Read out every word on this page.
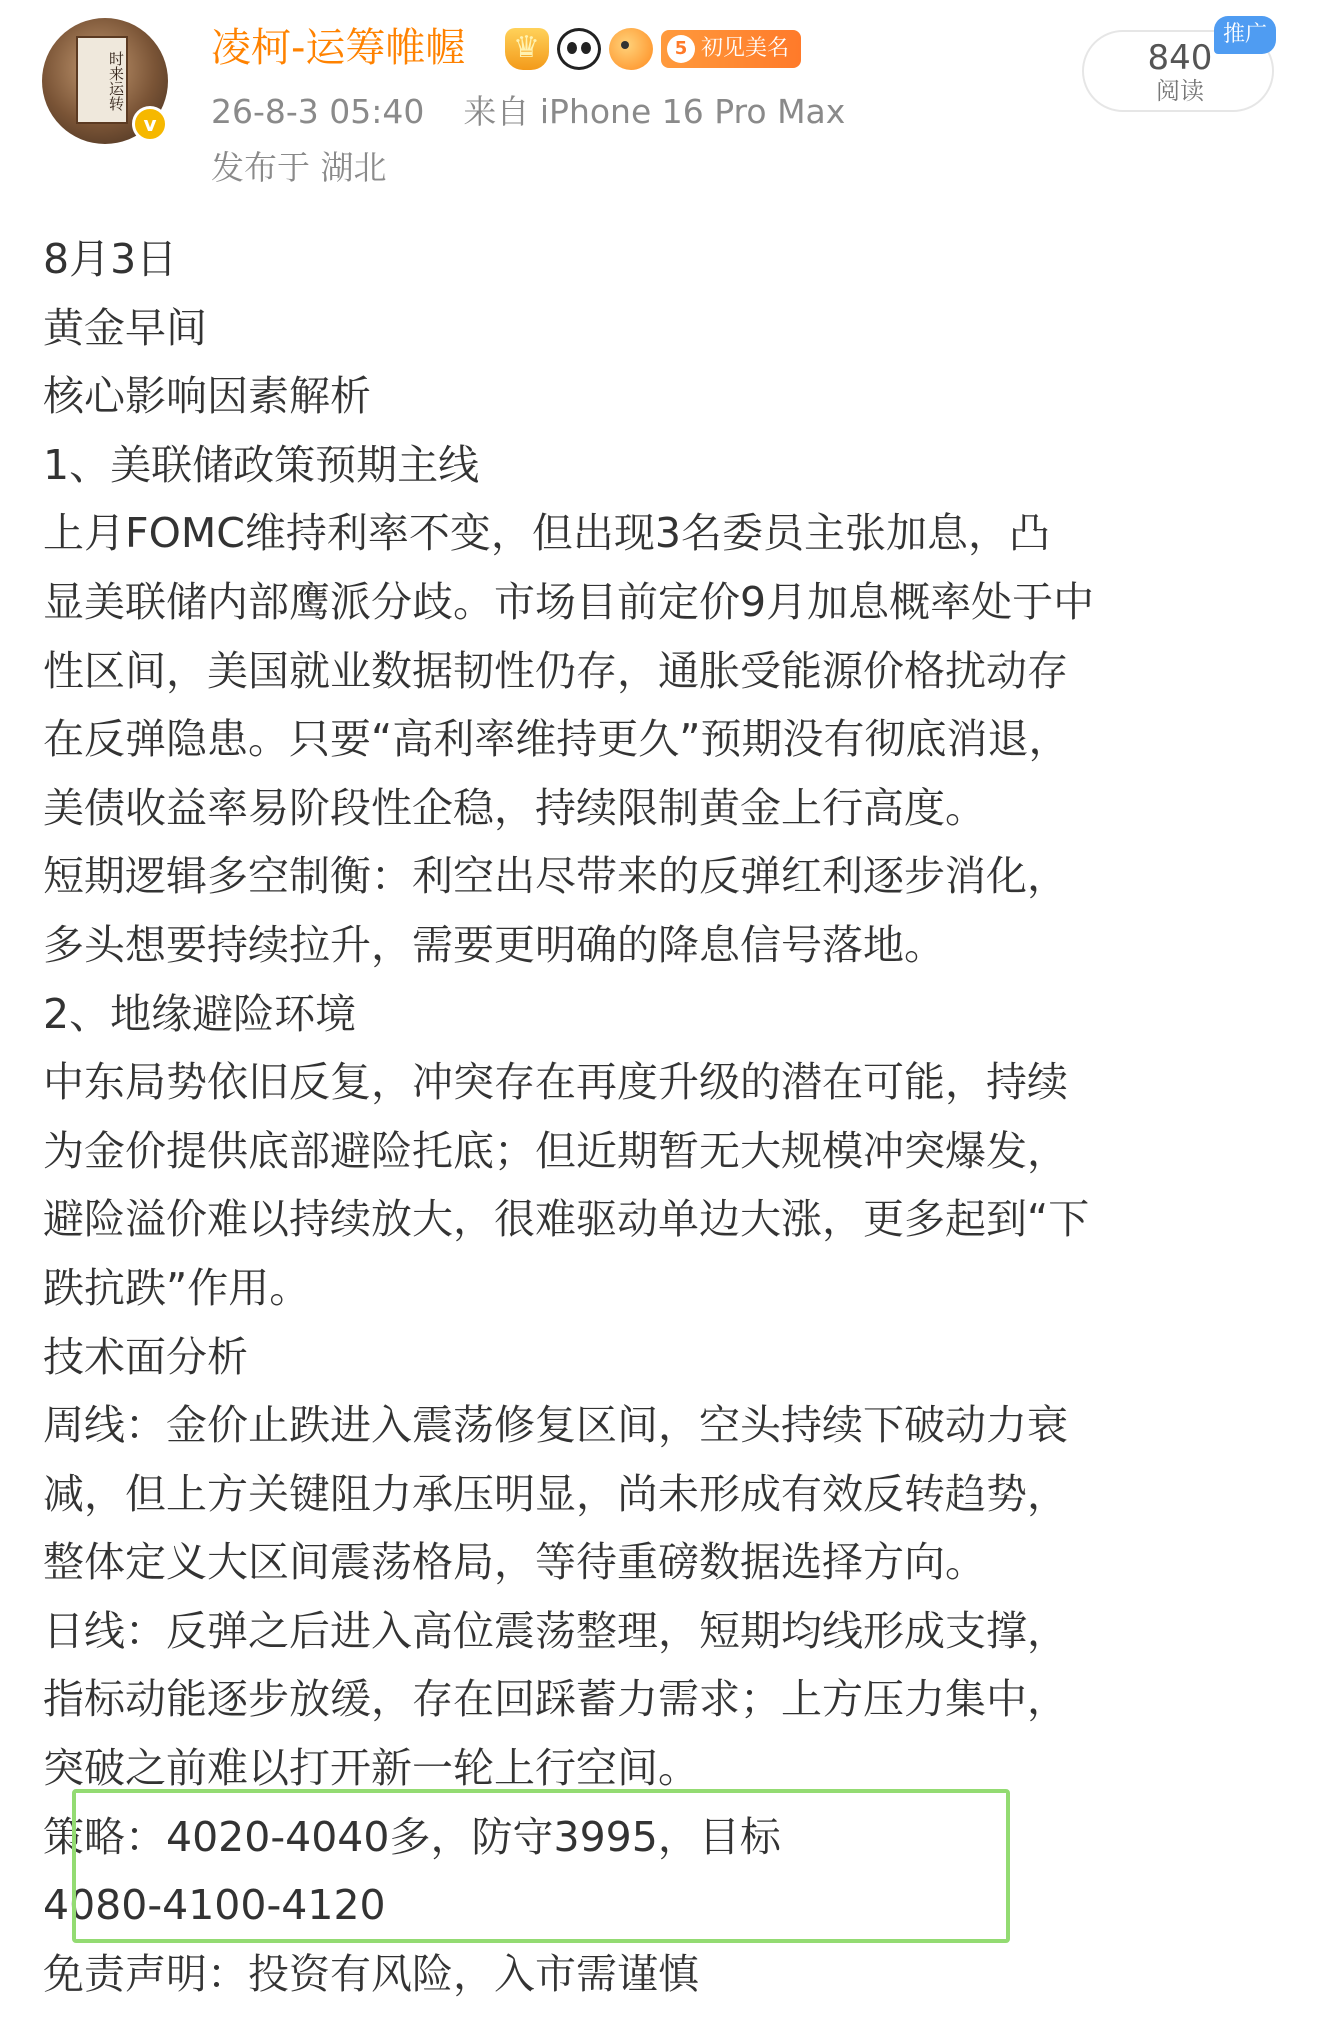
时来运转
v
凌柯-运筹帷幄
♛	5 初见美名
26-8-3 05:40 来自 iPhone 16 Pro Max
发布于 湖北
840
阅读
推广

8月3日

黄金早间

核心影响因素解析

1、美联储政策预期主线

上月FOMC维持利率不变，但出现3名委员主张加息，凸

显美联储内部鹰派分歧。市场目前定价9月加息概率处于中

性区间，美国就业数据韧性仍存，通胀受能源价格扰动存

在反弹隐患。只要“高利率维持更久”预期没有彻底消退，

美债收益率易阶段性企稳，持续限制黄金上行高度。

短期逻辑多空制衡：利空出尽带来的反弹红利逐步消化，

多头想要持续拉升，需要更明确的降息信号落地。

2、地缘避险环境

中东局势依旧反复，冲突存在再度升级的潜在可能，持续

为金价提供底部避险托底；但近期暂无大规模冲突爆发，

避险溢价难以持续放大，很难驱动单边大涨，更多起到“下

跌抗跌”作用。

技术面分析

周线：金价止跌进入震荡修复区间，空头持续下破动力衰

减，但上方关键阻力承压明显，尚未形成有效反转趋势，

整体定义大区间震荡格局，等待重磅数据选择方向。

日线：反弹之后进入高位震荡整理，短期均线形成支撑，

指标动能逐步放缓，存在回踩蓄力需求；上方压力集中，

突破之前难以打开新一轮上行空间。

策略：4020-4040多，防守3995，目标

4080-4100-4120

免责声明：投资有风险，入市需谨慎
